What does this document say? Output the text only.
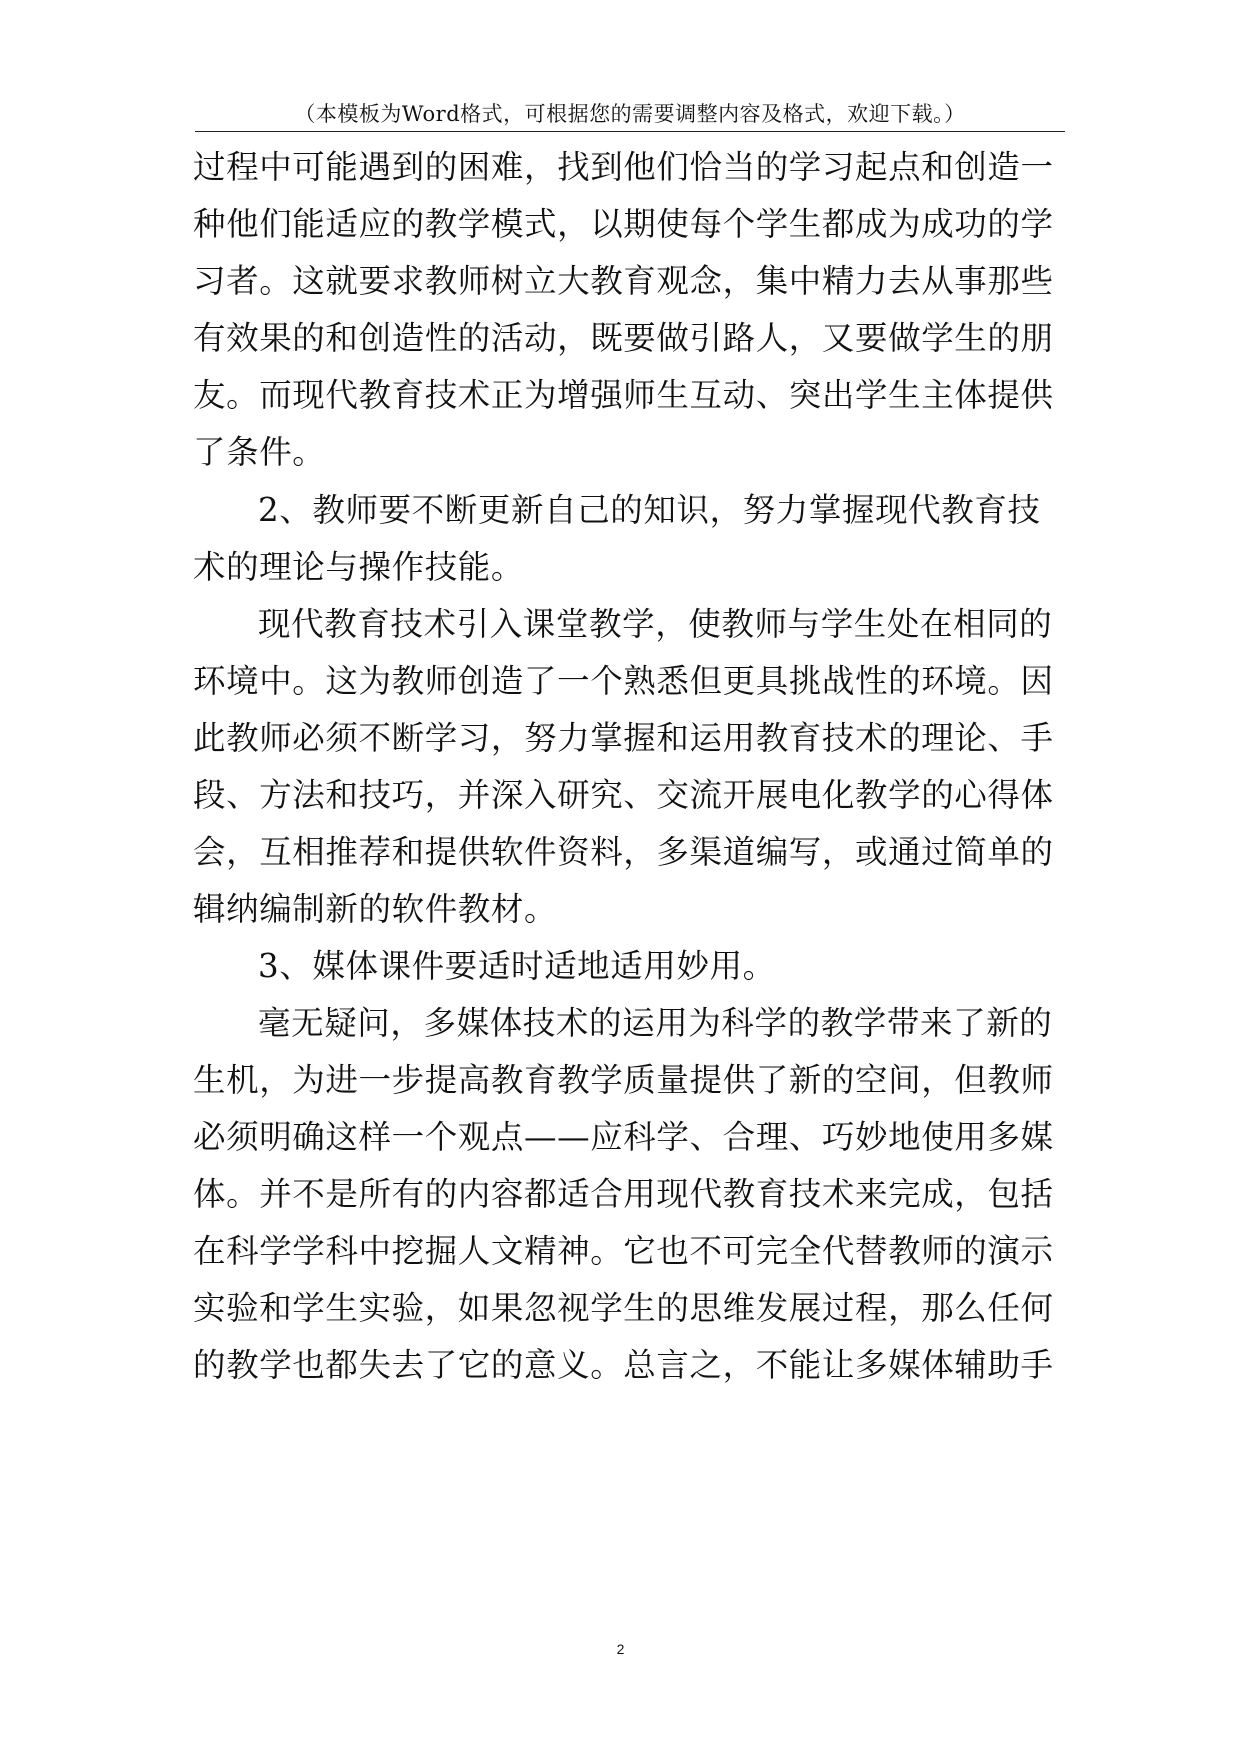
（本模板为Word格式，可根据您的需要调整内容及格式，欢迎下载。）
过程中可能遇到的困难，找到他们恰当的学习起点和创造一
种他们能适应的教学模式，以期使每个学生都成为成功的学
习者。这就要求教师树立大教育观念，集中精力去从事那些
有效果的和创造性的活动，既要做引路人，又要做学生的朋
友。而现代教育技术正为增强师生互动、突出学生主体提供
了条件。
2、教师要不断更新自己的知识，努力掌握现代教育技
术的理论与操作技能。
现代教育技术引入课堂教学，使教师与学生处在相同的
环境中。这为教师创造了一个熟悉但更具挑战性的环境。因
此教师必须不断学习，努力掌握和运用教育技术的理论、手
段、方法和技巧，并深入研究、交流开展电化教学的心得体
会，互相推荐和提供软件资料，多渠道编写，或通过简单的
辑纳编制新的软件教材。
3、媒体课件要适时适地适用妙用。
毫无疑问，多媒体技术的运用为科学的教学带来了新的
生机，为进一步提高教育教学质量提供了新的空间，但教师
必须明确这样一个观点——应科学、合理、巧妙地使用多媒
体。并不是所有的内容都适合用现代教育技术来完成，包括
在科学学科中挖掘人文精神。它也不可完全代替教师的演示
实验和学生实验，如果忽视学生的思维发展过程，那么任何
的教学也都失去了它的意义。总言之，不能让多媒体辅助手
2
